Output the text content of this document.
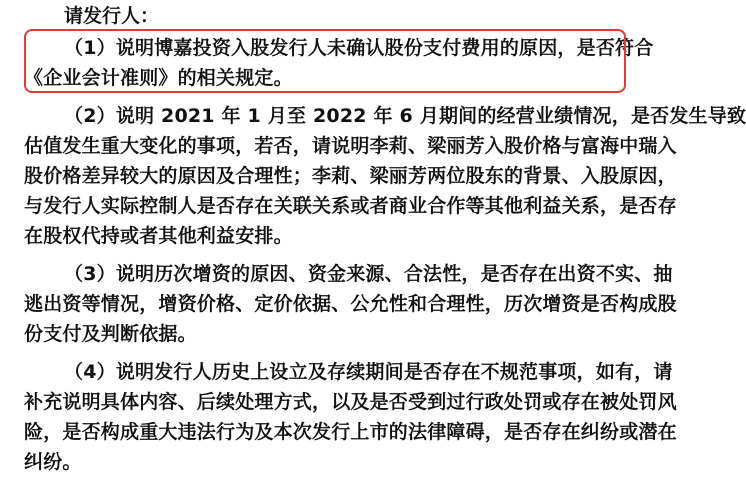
请发行人：
（1）说明博嘉投资入股发行人未确认股份支付费用的原因，是否符合
《企业会计准则》的相关规定。
（2）说明 2021 年 1 月至 2022 年 6 月期间的经营业绩情况，是否发生导致
估值发生重大变化的事项，若否，请说明李莉、梁丽芳入股价格与富海中瑞入
股价格差异较大的原因及合理性；李莉、梁丽芳两位股东的背景、入股原因，
与发行人实际控制人是否存在关联关系或者商业合作等其他利益关系，是否存
在股权代持或者其他利益安排。
（3）说明历次增资的原因、资金来源、合法性，是否存在出资不实、抽
逃出资等情况，增资价格、定价依据、公允性和合理性，历次增资是否构成股
份支付及判断依据。
（4）说明发行人历史上设立及存续期间是否存在不规范事项，如有，请
补充说明具体内容、后续处理方式，以及是否受到过行政处罚或存在被处罚风
险，是否构成重大违法行为及本次发行上市的法律障碍，是否存在纠纷或潜在
纠纷。
